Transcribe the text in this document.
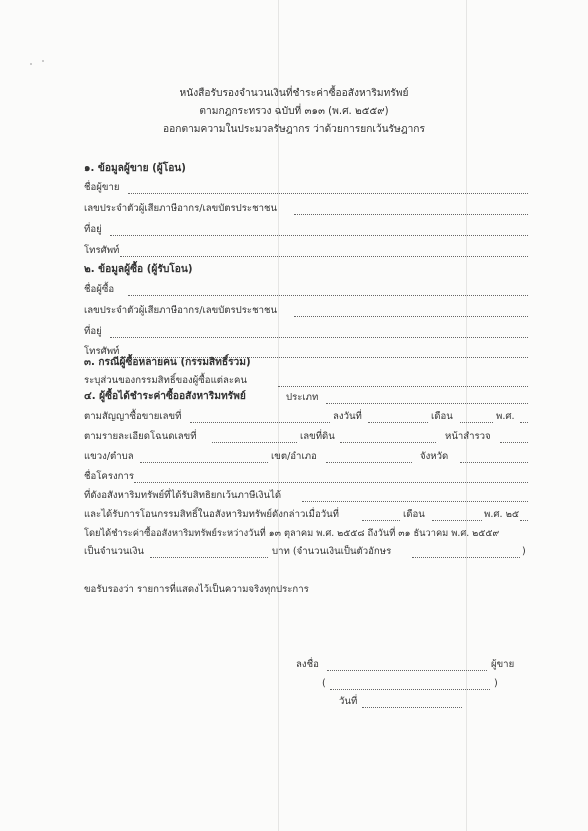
หนังสือรับรองจำนวนเงินที่ชำระค่าซื้ออสังหาริมทรัพย์
ตามกฎกระทรวง ฉบับที่ ๓๑๓ (พ.ศ. ๒๕๕๙)
ออกตามความในประมวลรัษฎากร ว่าด้วยการยกเว้นรัษฎากร
๑. ข้อมูลผู้ขาย (ผู้โอน)
ชื่อผู้ขาย
เลขประจำตัวผู้เสียภาษีอากร/เลขบัตรประชาชน
ที่อยู่
โทรศัพท์
๒. ข้อมูลผู้ซื้อ (ผู้รับโอน)
ชื่อผู้ซื้อ
เลขประจำตัวผู้เสียภาษีอากร/เลขบัตรประชาชน
ที่อยู่
โทรศัพท์
๓. กรณีผู้ซื้อหลายคน (กรรมสิทธิ์รวม)
ระบุส่วนของกรรมสิทธิ์ของผู้ซื้อแต่ละคน
๔. ผู้ซื้อได้ชำระค่าซื้ออสังหาริมทรัพย์	ประเภท
ตามสัญญาซื้อขายเลขที่	ลงวันที่	เดือน	พ.ศ.
ตามรายละเอียดโฉนดเลขที่	เลขที่ดิน	หน้าสำรวจ
แขวง/ตำบล	เขต/อำเภอ	จังหวัด
ชื่อโครงการ
ที่ดังอสังหาริมทรัพย์ที่ได้รับสิทธิยกเว้นภาษีเงินได้
และได้รับการโอนกรรมสิทธิ์ในอสังหาริมทรัพย์ดังกล่าวเมื่อวันที่	เดือน	พ.ศ. ๒๕
โดยได้ชำระค่าซื้ออสังหาริมทรัพย์ระหว่างวันที่ ๑๓ ตุลาคม พ.ศ. ๒๕๕๘ ถึงวันที่ ๓๑ ธันวาคม พ.ศ. ๒๕๕๙
เป็นจำนวนเงิน	บาท (จำนวนเงินเป็นตัวอักษร	)
ขอรับรองว่า รายการที่แสดงไว้เป็นความจริงทุกประการ
ลงชื่อ	ผู้ขาย
(	)
วันที่
